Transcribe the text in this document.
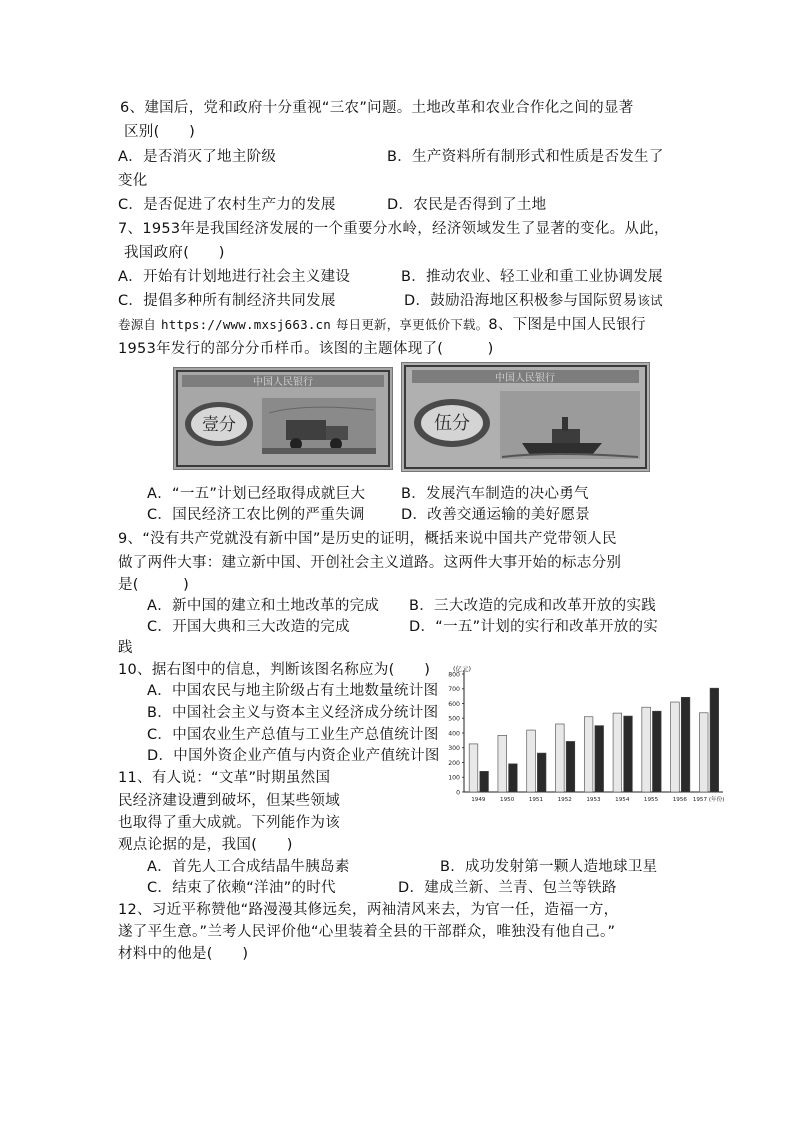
6、建国后，党和政府十分重视“三农”问题。土地改革和农业合作化之间的显著
区别(　　)
A．是否消灭了地主阶级	B．生产资料所有制形式和性质是否发生了
变化
C．是否促进了农村生产力的发展	D．农民是否得到了土地
7、1953年是我国经济发展的一个重要分水岭，经济领域发生了显著的变化。从此，
我国政府(　　)
A．开始有计划地进行社会主义建设	B．推动农业、轻工业和重工业协调发展
C．提倡多种所有制经济共同发展	D．鼓励沿海地区积极参与国际贸易该试
卷源自 https://www.mxsj663.cn 每日更新，享更低价下载。8、下图是中国人民银行
1953年发行的部分分币样币。该图的主题体现了(　　　)
中国人民银行
壹分
中国人民银行
伍分
A．“一五”计划已经取得成就巨大 B．发展汽车制造的决心勇气
C．国民经济工农比例的严重失调	D．改善交通运输的美好愿景
9、“没有共产党就没有新中国”是历史的证明，概括来说中国共产党带领人民
做了两件大事：建立新中国、开创社会主义道路。这两件大事开始的标志分别
是(　　　)
A．新中国的建立和土地改革的完成 B．三大改造的完成和改革开放的实践
C．开国大典和三大改造的完成	D．“一五”计划的实行和改革开放的实
践
10、据右图中的信息，判断该图名称应为(　　)
A．中国农民与地主阶级占有土地数量统计图
B．中国社会主义与资本主义经济成分统计图
C．中国农业生产总值与工业生产总值统计图
D．中国外资企业产值与内资企业产值统计图
(亿元)
0
100
200
300
400
500
600
700
800
1949	1950	1951	1952	1953	1954	1955	1956 1957 (年份)
11、有人说：“文革”时期虽然国
民经济建设遭到破坏，但某些领域
也取得了重大成就。下列能作为该
观点论据的是，我国(　　)
A．首先人工合成结晶牛胰岛素	B．成功发射第一颗人造地球卫星
C．结束了依赖“洋油”的时代	D．建成兰新、兰青、包兰等铁路
12、习近平称赞他“路漫漫其修远矣，两袖清风来去，为官一任，造福一方，
遂了平生意。”兰考人民评价他“心里装着全县的干部群众，唯独没有他自己。”
材料中的他是(　　)
